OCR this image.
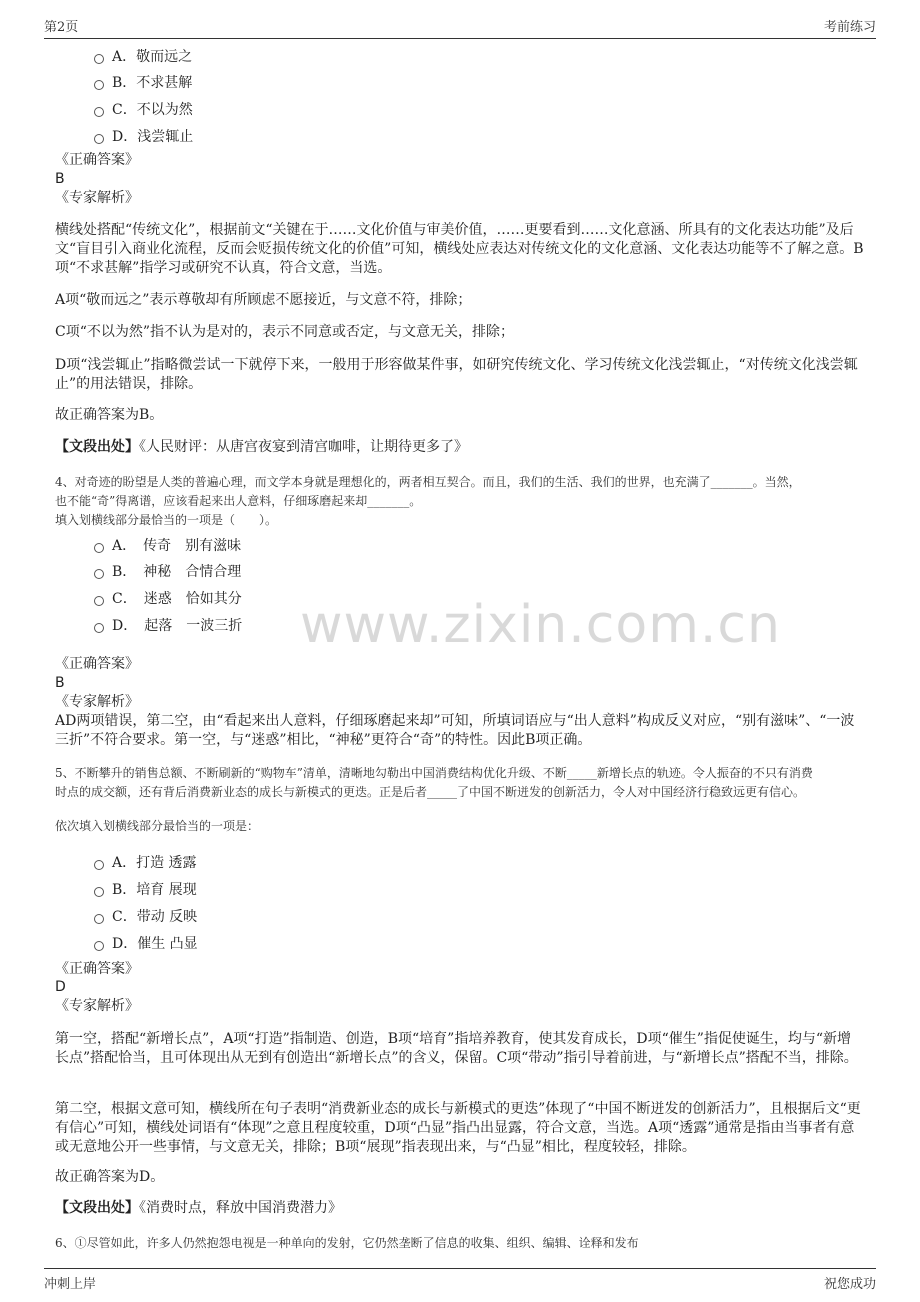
第2页	考前练习
www.zixin.com.cn
A．敬而远之
B．不求甚解
C．不以为然
D．浅尝辄止
《正确答案》
B
《专家解析》
横线处搭配“传统文化”，根据前文“关键在于……文化价值与审美价值，……更要看到……文化意涵、所具有的文化表达功能”及后文“盲目引入商业化流程，反而会贬损传统文化的价值”可知，横线处应表达对传统文化的文化意涵、文化表达功能等不了解之意。B项“不求甚解”指学习或研究不认真，符合文意，当选。
A项“敬而远之”表示尊敬却有所顾虑不愿接近，与文意不符，排除；
C项“不以为然”指不认为是对的，表示不同意或否定，与文意无关，排除；
D项“浅尝辄止”指略微尝试一下就停下来，一般用于形容做某件事，如研究传统文化、学习传统文化浅尝辄止，“对传统文化浅尝辄止”的用法错误，排除。
故正确答案为B。
【文段出处】《人民财评：从唐宫夜宴到清宫咖啡，让期待更多了》
4、对奇迹的盼望是人类的普遍心理，而文学本身就是理想化的，两者相互契合。而且，我们的生活、我们的世界，也充满了_______。当然，
也不能“奇”得离谱，应该看起来出人意料，仔细琢磨起来却_______。
填入划横线部分最恰当的一项是（　　）。
A．　传奇　别有滋味
B．　神秘　合情合理
C．　迷惑　恰如其分
D．　起落　一波三折
《正确答案》
B
《专家解析》
AD两项错误，第二空，由“看起来出人意料，仔细琢磨起来却”可知，所填词语应与“出人意料”构成反义对应，“别有滋味”、“一波三折”不符合要求。第一空，与“迷惑”相比，“神秘”更符合“奇”的特性。因此B项正确。
5、不断攀升的销售总额、不断刷新的“购物车”清单，清晰地勾勒出中国消费结构优化升级、不断_____新增长点的轨迹。令人振奋的不只有消费
时点的成交额，还有背后消费新业态的成长与新模式的更迭。正是后者_____了中国不断迸发的创新活力，令人对中国经济行稳致远更有信心。
依次填入划横线部分最恰当的一项是：
A．打造 透露
B．培育 展现
C．带动 反映
D．催生 凸显
《正确答案》
D
《专家解析》
第一空，搭配“新增长点”，A项“打造”指制造、创造，B项“培育”指培养教育，使其发育成长，D项“催生”指促使诞生，均与“新增长点”搭配恰当，且可体现出从无到有创造出“新增长点”的含义，保留。C项“带动”指引导着前进，与“新增长点”搭配不当，排除。
第二空，根据文意可知，横线所在句子表明“消费新业态的成长与新模式的更迭”体现了“中国不断迸发的创新活力”，且根据后文“更有信心”可知，横线处词语有“体现”之意且程度较重，D项“凸显”指凸出显露，符合文意，当选。A项“透露”通常是指由当事者有意或无意地公开一些事情，与文意无关，排除；B项“展现”指表现出来，与“凸显”相比，程度较轻，排除。
故正确答案为D。
【文段出处】《消费时点，释放中国消费潜力》
6、①尽管如此，许多人仍然抱怨电视是一种单向的发射，它仍然垄断了信息的收集、组织、编辑、诠释和发布
冲刺上岸	祝您成功
